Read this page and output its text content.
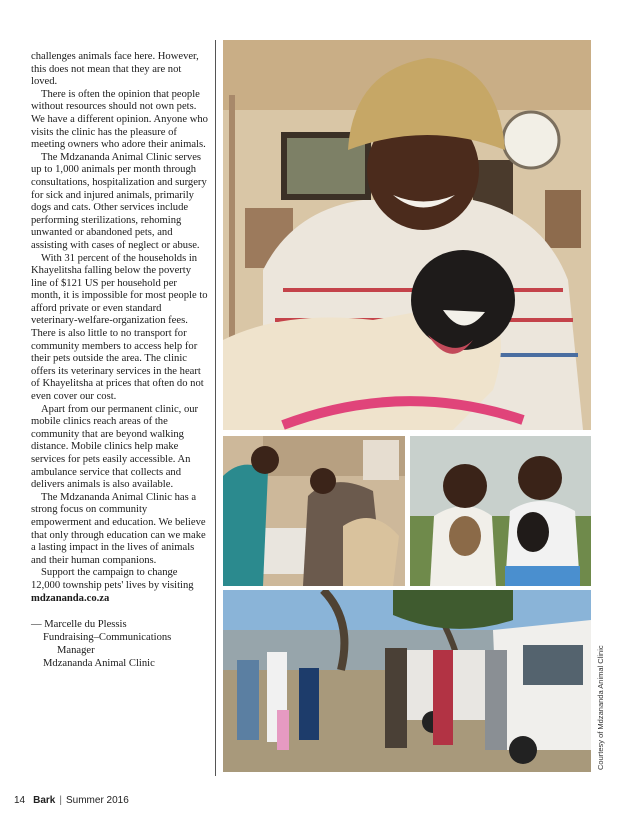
challenges animals face here. However, this does not mean that they are not loved.

There is often the opinion that people without resources should not own pets. We have a different opinion. Anyone who visits the clinic has the pleasure of meeting owners who adore their animals.

The Mdzananda Animal Clinic serves up to 1,000 animals per month through consultations, hospitalization and surgery for sick and injured animals, primarily dogs and cats. Other services include performing sterilizations, rehoming unwanted or abandoned pets, and assisting with cases of neglect or abuse.

With 31 percent of the households in Khayelitsha falling below the poverty line of $121 US per household per month, it is impossible for most people to afford private or even standard veterinary-welfare-organization fees. There is also little to no transport for community members to access help for their pets outside the area. The clinic offers its veterinary services in the heart of Khayelitsha at prices that often do not even cover our cost.

Apart from our permanent clinic, our mobile clinics reach areas of the community that are beyond walking distance. Mobile clinics help make services for pets easily accessible. An ambulance service that collects and delivers animals is also available.

The Mdzananda Animal Clinic has a strong focus on community empowerment and education. We believe that only through education can we make a lasting impact in the lives of animals and their human companions.

Support the campaign to change 12,000 township pets' lives by visiting

mdzananda.co.za

— Marcelle du Plessis
Fundraising–Communications
Manager
Mdzananda Animal Clinic	Courtesy of Mdzananda Animal Clinic
14 Bark | Summer 2016
